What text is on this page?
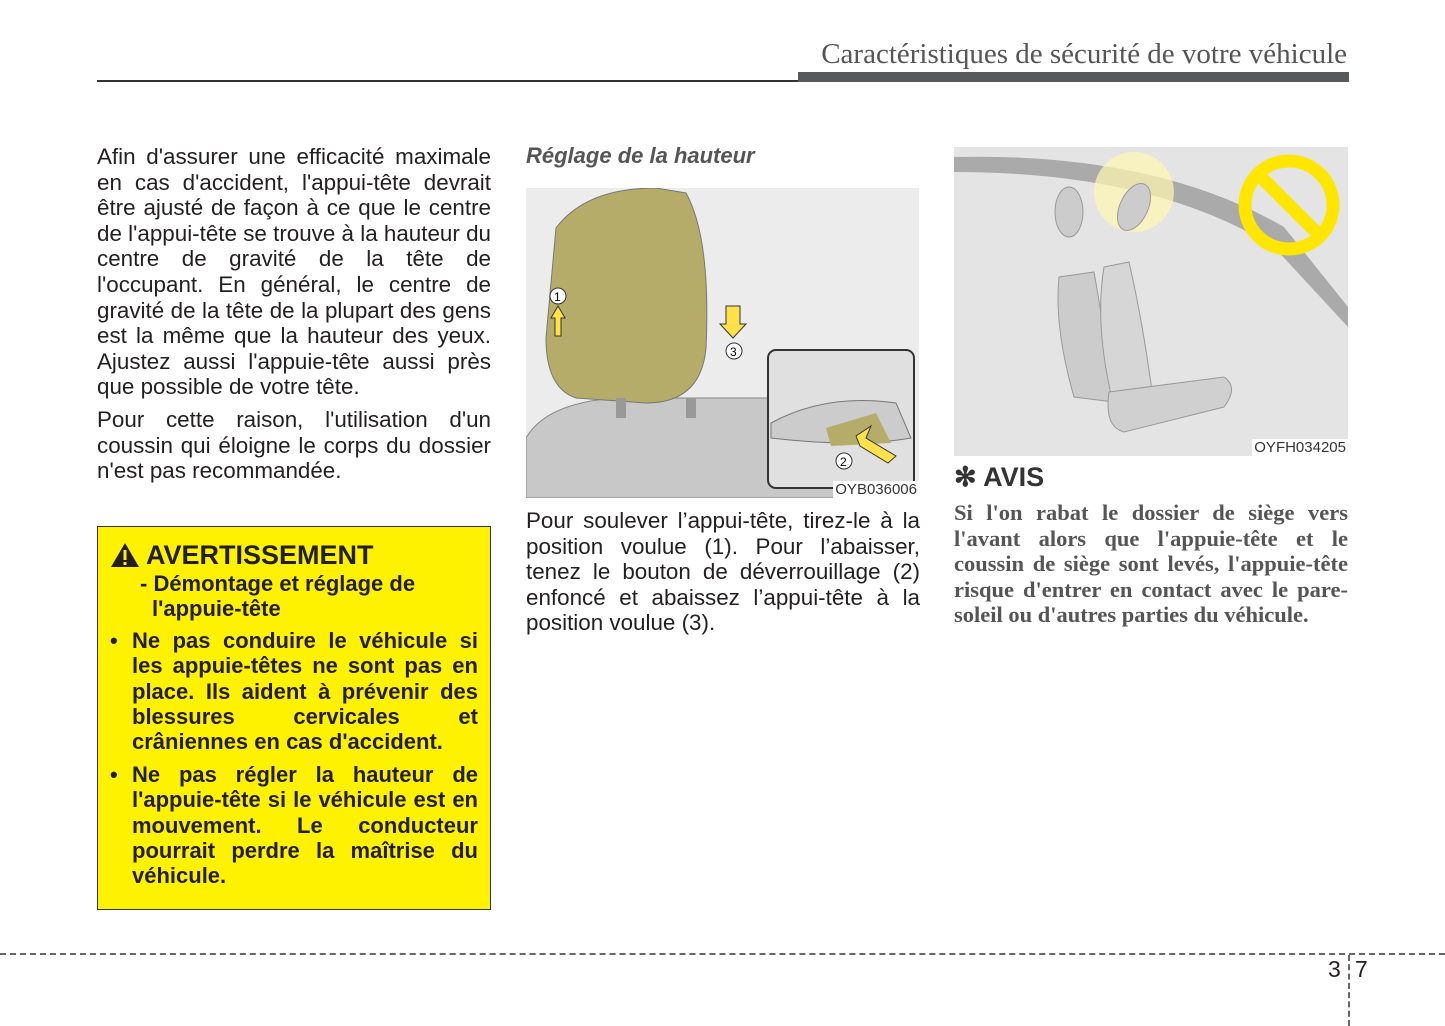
Caractéristiques de sécurité de votre véhicule

Afin d'assurer une efficacité maximale en cas d'accident, l'appui-tête devrait être ajusté de façon à ce que le centre de l'appui-tête se trouve à la hauteur du centre de gravité de la tête de l'occupant. En général, le centre de gravité de la tête de la plupart des gens est la même que la hauteur des yeux. Ajustez aussi l'appuie-tête aussi près que possible de votre tête.

Pour cette raison, l'utilisation d'un coussin qui éloigne le corps du dossier n'est pas recommandée.

AVERTISSEMENT
- Démontage et réglage de l'appuie-tête
• Ne pas conduire le véhicule si les appuie-têtes ne sont pas en place. Ils aident à prévenir des blessures cervicales et crâniennes en cas d'accident.
• Ne pas régler la hauteur de l'appuie-tête si le véhicule est en mouvement. Le conducteur pourrait perdre la maîtrise du véhicule.
Réglage de la hauteur
1
2
3
OYB036006
Pour soulever l’appui-tête, tirez-le à la position voulue (1). Pour l’abaisser, tenez le bouton de déverrouillage (2) enfoncé et abaissez l’appui-tête à la position voulue (3).
OYFH034205
✻ AVIS
Si l'on rabat le dossier de siège vers l'avant alors que l'appuie-tête et le coussin de siège sont levés, l'appuie-tête risque d'entrer en contact avec le pare-soleil ou d'autres parties du véhicule.
3 7
